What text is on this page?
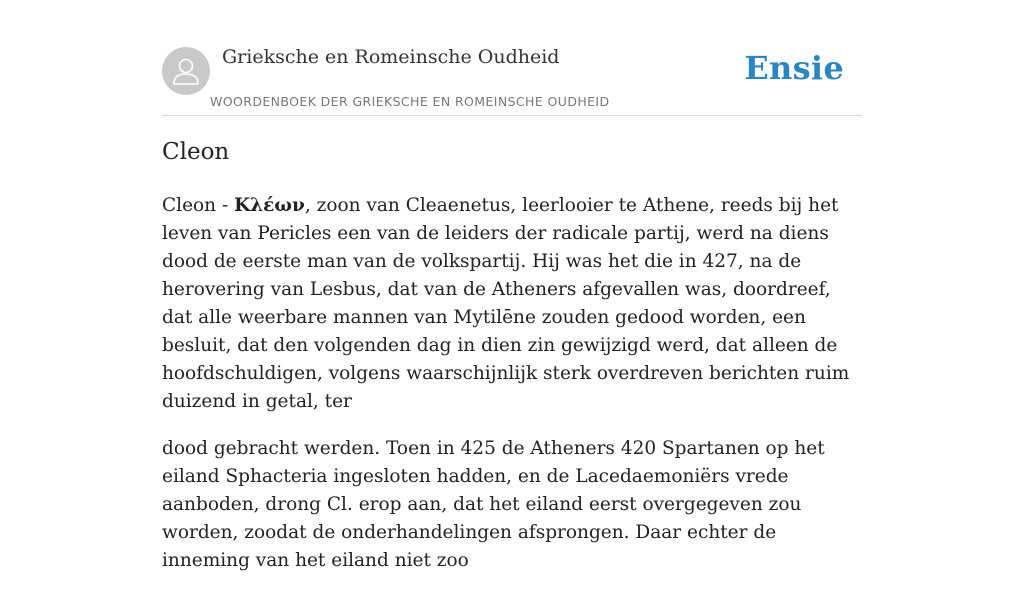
Grieksche en Romeinsche Oudheid
WOORDENBOEK DER GRIEKSCHE EN ROMEINSCHE OUDHEID
Ensie
Cleon

Cleon - Κλέων, zoon van Cleaenetus, leerlooier te Athene, reeds bij het leven van Pericles een van de leiders der radicale partij, werd na diens dood de eerste man van de volkspartij. Hij was het die in 427, na de herovering van Lesbus, dat van de Atheners afgevallen was, doordreef, dat alle weerbare mannen van Mytilēne zouden gedood worden, een besluit, dat den volgenden dag in dien zin gewijzigd werd, dat alleen de hoofdschuldigen, volgens waarschijnlijk sterk overdreven berichten ruim duizend in getal, ter

dood gebracht werden. Toen in 425 de Atheners 420 Spartanen op het eiland Sphacteria ingesloten hadden, en de Lacedaemoniërs vrede aanboden, drong Cl. erop aan, dat het eiland eerst overgegeven zou worden, zoodat de onderhandelingen afsprongen. Daar echter de inneming van het eiland niet zoo
